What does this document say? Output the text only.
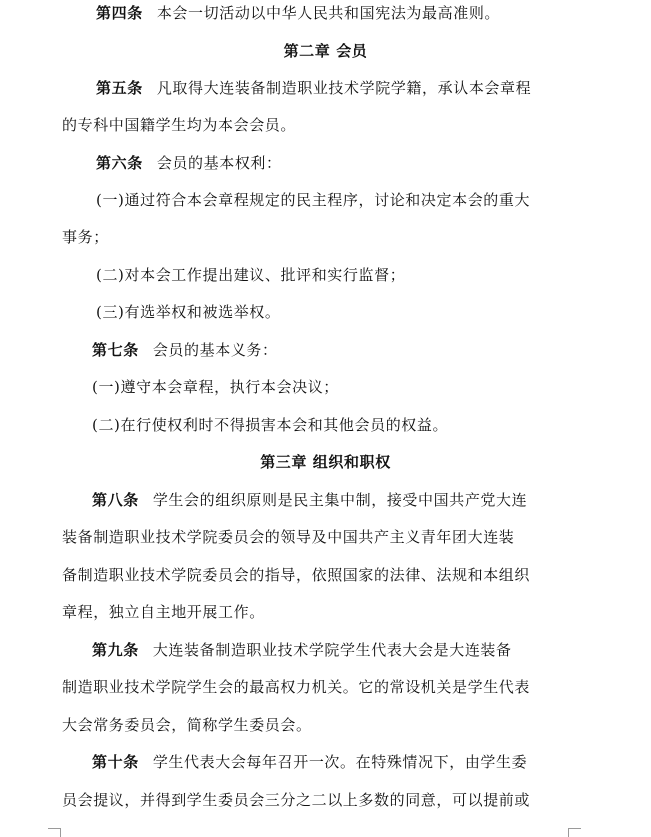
第四条 本会一切活动以中华人民共和国宪法为最高准则。
第二章 会员
第五条 凡取得大连装备制造职业技术学院学籍，承认本会章程
的专科中国籍学生均为本会会员。
第六条 会员的基本权利：
(一)通过符合本会章程规定的民主程序，讨论和决定本会的重大
事务；
(二)对本会工作提出建议、批评和实行监督；
(三)有选举权和被选举权。
第七条 会员的基本义务：
(一)遵守本会章程，执行本会决议；
(二)在行使权利时不得损害本会和其他会员的权益。
第三章 组织和职权
第八条 学生会的组织原则是民主集中制，接受中国共产党大连
装备制造职业技术学院委员会的领导及中国共产主义青年团大连装
备制造职业技术学院委员会的指导，依照国家的法律、法规和本组织
章程，独立自主地开展工作。
第九条 大连装备制造职业技术学院学生代表大会是大连装备
制造职业技术学院学生会的最高权力机关。它的常设机关是学生代表
大会常务委员会，简称学生委员会。
第十条 学生代表大会每年召开一次。在特殊情况下，由学生委
员会提议，并得到学生委员会三分之二以上多数的同意，可以提前或
